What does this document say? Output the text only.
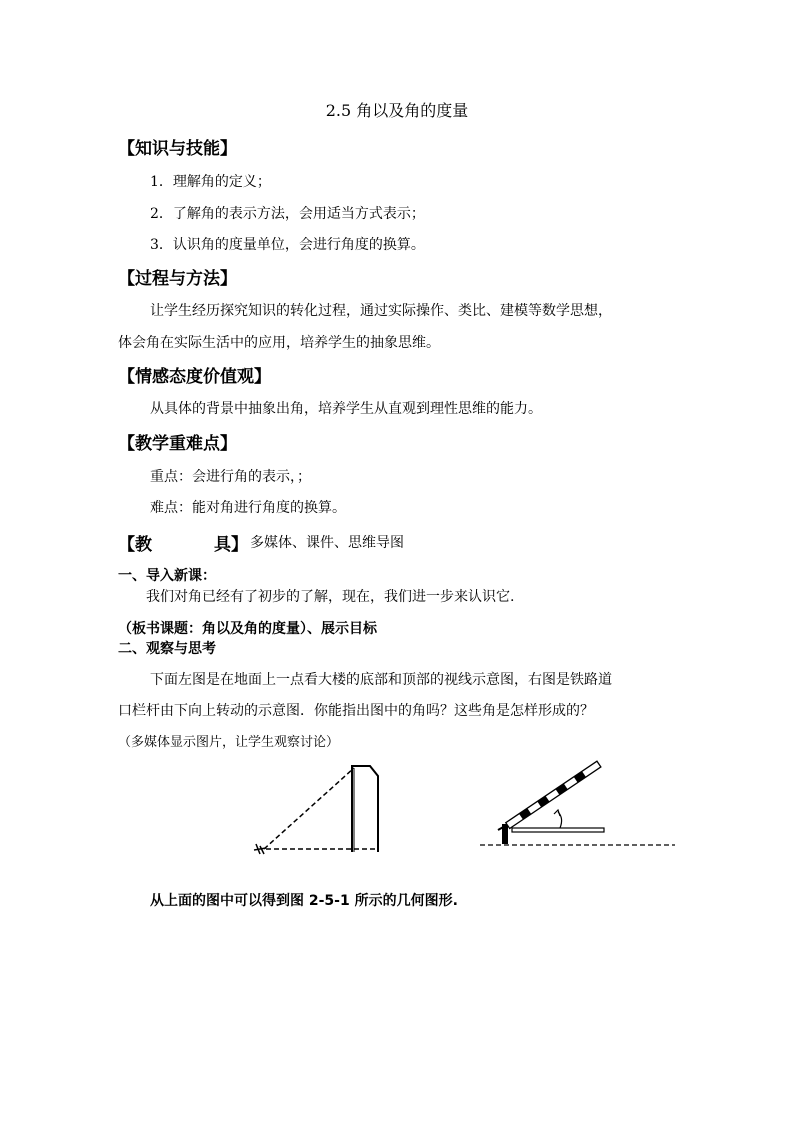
2.5 角以及角的度量
【知识与技能】
1．理解角的定义；
2．了解角的表示方法，会用适当方式表示；
3．认识角的度量单位，会进行角度的换算。
【过程与方法】
让学生经历探究知识的转化过程，通过实际操作、类比、建模等数学思想，
体会角在实际生活中的应用，培养学生的抽象思维。
【情感态度价值观】
从具体的背景中抽象出角，培养学生从直观到理性思维的能力。
【教学重难点】
重点：会进行角的表示，；
难点：能对角进行角度的换算。
【教	具】 多媒体、课件、思维导图
一、导入新课：
我们对角已经有了初步的了解，现在，我们进一步来认识它.
（板书课题：角以及角的度量）、展示目标
二、观察与思考
下面左图是在地面上一点看大楼的底部和顶部的视线示意图，右图是铁路道
口栏杆由下向上转动的示意图．你能指出图中的角吗？这些角是怎样形成的？
（多媒体显示图片，让学生观察讨论）
从上面的图中可以得到图 2-5-1 所示的几何图形.
